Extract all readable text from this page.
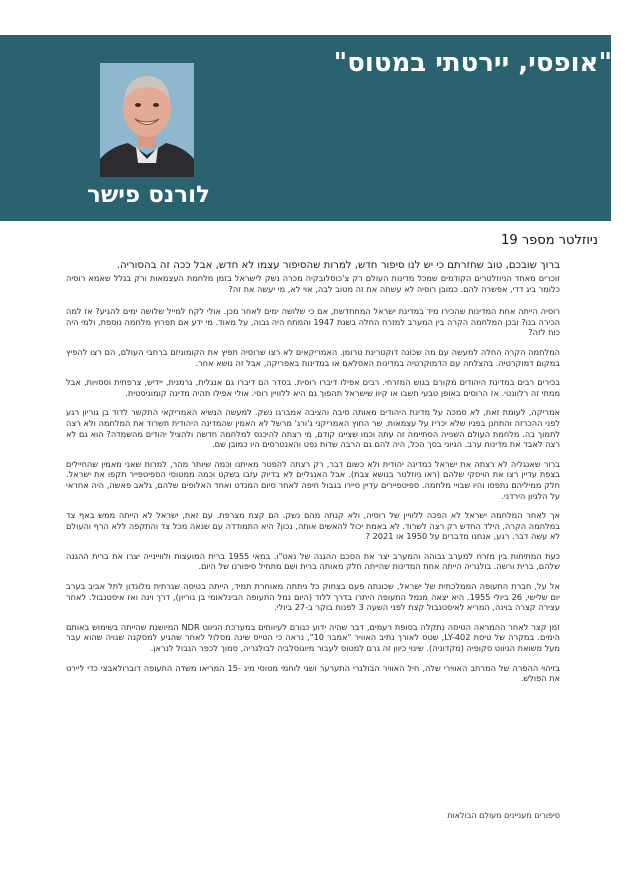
"אופסי, יירטתי במטוס"
לורנס פישר
ניוזלטר מספר 19

ברוך שובכם, טוב שחזרתם כי יש לנו סיפור חדש, למרות שהסיפור עצמו לא חדש, אבל ככה זה בהסוריה.

זוכרים מאחד הניוזלטרים הקודמים שמכל מדינות העולם רק צ'כוסלובקיה מכרה נשק לישראל בזמן מלחמת העצמאות ורק בגלל שאמא רוסיה כלומר ביג דדי, אפשרה להם. כמובן רוסיה לא עשתה את זה מטוב לבה, אוי לא, מי יעשה את זה?

רוסיה הייתה אחת המדינות שהכירו מיד במדינת ישראל המתחדשת, אם כי שלושה ימים לאחר מכן. אולי לקח למייל שלושה ימים להגיע? אז למה הכירה בנו? ובכן המלחמה הקרה בין המערב למזרח החלה בשנת 1947 והמתח היה גבוה, על מאוד. מי ידע אם תפרוץ מלחמה נוספת, ולמי היה כוח לזה?

המלחמה הקרה החלה למעשה עם מה שכונה דוקטרינת טרומן. האמריקאים לא רצו שרוסיה תפיץ את הקומוניזם ברחבי העולם, הם רצו להפיץ במקום דמוקרטיה. בהצלחה עם הדמוקרטיה במדינות האסלאם או במדינות באפריקה, אבל זה נושא אחר.

בכירים רבים במדינת היהודים מקורם בגוש המזרחי. רבים אפילו דיברו רוסית. בסדר הם דיברו גם אנגלית, גרמנית, יידיש, צרפתית וססויות, אבל ממתי זה רלוונטי. אז הרוסים באופן טבעי חשבו או קיוו שישראל תהפוך גם היא ללוויין רוסי. אולי אפילו תהיה מדינה קומוניסטית.

אמריקה, לעומת זאת, לא סמכה על מדינת היהודים מאותה סיבה והציבה אמברגו נשק. למעשה הנשיא האמריקאי התקשר לדוד בן גוריון רגע לפני ההכרזה והתחנן בפניו שלא יכריז על עצמאות. שר החוץ האמריקני ג'ורג' מרשל לא האמין שהמדינה היהודית תשרוד את המלחמה ולא רצה לתמוך בה. מלחמת העולם השנייה הסתיימה זה עתה וכמו שציינו קודם, מי רצתה להיכנס למלחמה חדשה ולהציל יהודים מהשמדה? הוא גם לא רצה לאבד את מדינות ערב. הגיוני בסך הכל, היה להם גם הרבה שדות נפט והאנטרסים היו כמובן שם.

ברור שאנגליה לא רצתה את ישראל כמדינה יהודית ולא כשום דבר, רק רצתה להפטר מאיתנו וכמה שיותר מהר, למרות שאני מאמין שהחיילים בצפת עדיין רצו את הויסקי שלהם (ראו ניוזלטר בנושא צבת). אבל האנגליים לא בדיוק עזבו בשקט וכמה ממטוסי הספיטפייר תקפו את ישראל. חלק ממיליהם נתפסו והיו שבויי מלחמה. ספיטפיירים עדיין סיירו בגבול חיפה לאחר סיום המנדט ואחד האלופים שלהם, גלאב פאשה, היה אחראי על הלגיון הירדני.

אך לאחר המלחמה ישראל לא הפכה ללוויין של רוסיה, ולא קנתה מהם נשק. הם קצת מצרפת. עם זאת, ישראל לא הייתה ממש באף צד במלחמה הקרה, הילד החדש רק רצה לשרוד. לא באמת יכול להאשים אותה, נכון? היא התמודדה עם שנאה מכל צד והתקפה ללא הרף והעולם לא עשה דבר. רגע, אנחנו מדברים על 1950 או 2021 ?

כעת המתיחות בין מזרח למערב גבוהה והמערב יצר את הסכם ההגנה של נאט"ו. במאי 1955 ברית המועצות ולוויינייה יצרו את ברית ההגנה שלהם, ברית ורשה. בולגריה הייתה אחת המדינות שהייתה חלק מאותה ברית ושם מתחיל סיפורנו של היום.

אל על, חברת התעופה הממלכתית של ישראל, שכונתה פעם בצחוק כל ניתתה מאוחרת תמיד, הייתה בטיסה שגרתית מלונדון לתל אביב בערב יום שלישי, 26 ביולי 1955. היא יצאה מנמל התעופה היתרו בדרך ללוד (היום נמל התעופה הבינלאומי בן גוריון), דרך וינה ואז איסטנבול. לאחר עצירה קצרה בוינה, המריא לאיסטנבול קצת לפני השעה 3 לפנות בוקר ב-27 ביולי.

זמן קצר לאחר ההמראה הטיסה נתקלה בסופת רעמים, דבר שהיה ידוע כגורם לעיוותים במערכת הניווט NDR המיושנת שהייתה בשימוש באותם הימים. במקרה של טיסת LY-402, שטס לאורך נתיב האוויר "אמבר 10", נראה כי הטייס שינה מסלול לאחר שהגיע למסקנה שגויה שהוא עבר מעל משואת הניווט סקופיה (מקדוניה). שינוי כיוון זה גרם למטוס לעבור מיוגוסלביה לבולגריה, סמוך לכפר הגבול לנראן.

בזיהוי ההפרה של המרחב האווירי שלה, חיל האוויר הבולגרי התערער ושני לוחמי מטוסי מיג -15 המריאו משדה התעופה דוברולאבצי כדי ליירט את הפולש.

סיפורים מעניינים מעולם הבולאות
